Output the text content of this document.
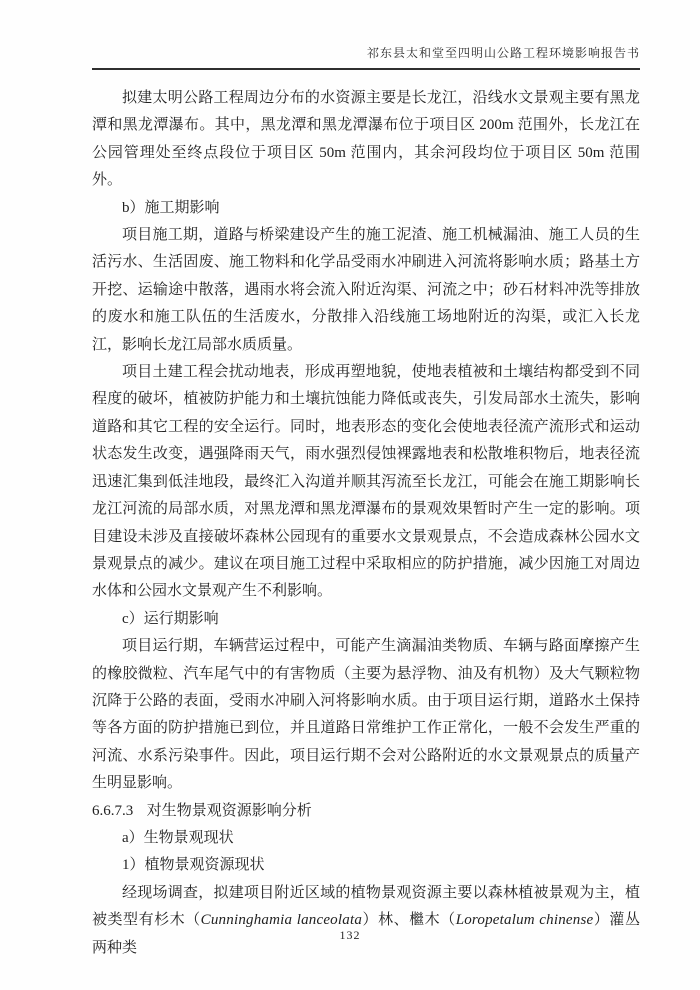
祁东县太和堂至四明山公路工程环境影响报告书

拟建太明公路工程周边分布的水资源主要是长龙江，沿线水文景观主要有黑龙潭和黑龙潭瀑布。其中，黑龙潭和黑龙潭瀑布位于项目区 200m 范围外，长龙江在公园管理处至终点段位于项目区 50m 范围内，其余河段均位于项目区 50m 范围外。

b）施工期影响

项目施工期，道路与桥梁建设产生的施工泥渣、施工机械漏油、施工人员的生活污水、生活固废、施工物料和化学品受雨水冲刷进入河流将影响水质；路基土方开挖、运输途中散落，遇雨水将会流入附近沟渠、河流之中；砂石材料冲洗等排放的废水和施工队伍的生活废水，分散排入沿线施工场地附近的沟渠，或汇入长龙江，影响长龙江局部水质质量。

项目土建工程会扰动地表，形成再塑地貌，使地表植被和土壤结构都受到不同程度的破坏，植被防护能力和土壤抗蚀能力降低或丧失，引发局部水土流失，影响道路和其它工程的安全运行。同时，地表形态的变化会使地表径流产流形式和运动状态发生改变，遇强降雨天气，雨水强烈侵蚀裸露地表和松散堆积物后，地表径流迅速汇集到低洼地段，最终汇入沟道并顺其泻流至长龙江，可能会在施工期影响长龙江河流的局部水质，对黑龙潭和黑龙潭瀑布的景观效果暂时产生一定的影响。项目建设未涉及直接破坏森林公园现有的重要水文景观景点，不会造成森林公园水文景观景点的减少。建议在项目施工过程中采取相应的防护措施，减少因施工对周边水体和公园水文景观产生不利影响。

c）运行期影响

项目运行期，车辆营运过程中，可能产生滴漏油类物质、车辆与路面摩擦产生的橡胶微粒、汽车尾气中的有害物质（主要为悬浮物、油及有机物）及大气颗粒物沉降于公路的表面，受雨水冲刷入河将影响水质。由于项目运行期，道路水土保持等各方面的防护措施已到位，并且道路日常维护工作正常化，一般不会发生严重的河流、水系污染事件。因此，项目运行期不会对公路附近的水文景观景点的质量产生明显影响。

6.6.7.3 对生物景观资源影响分析

a）生物景观现状

1）植物景观资源现状

经现场调查，拟建项目附近区域的植物景观资源主要以森林植被景观为主，植被类型有杉木（Cunninghamia lanceolata）林、檵木（Loropetalum chinense）灌丛两种类

132
